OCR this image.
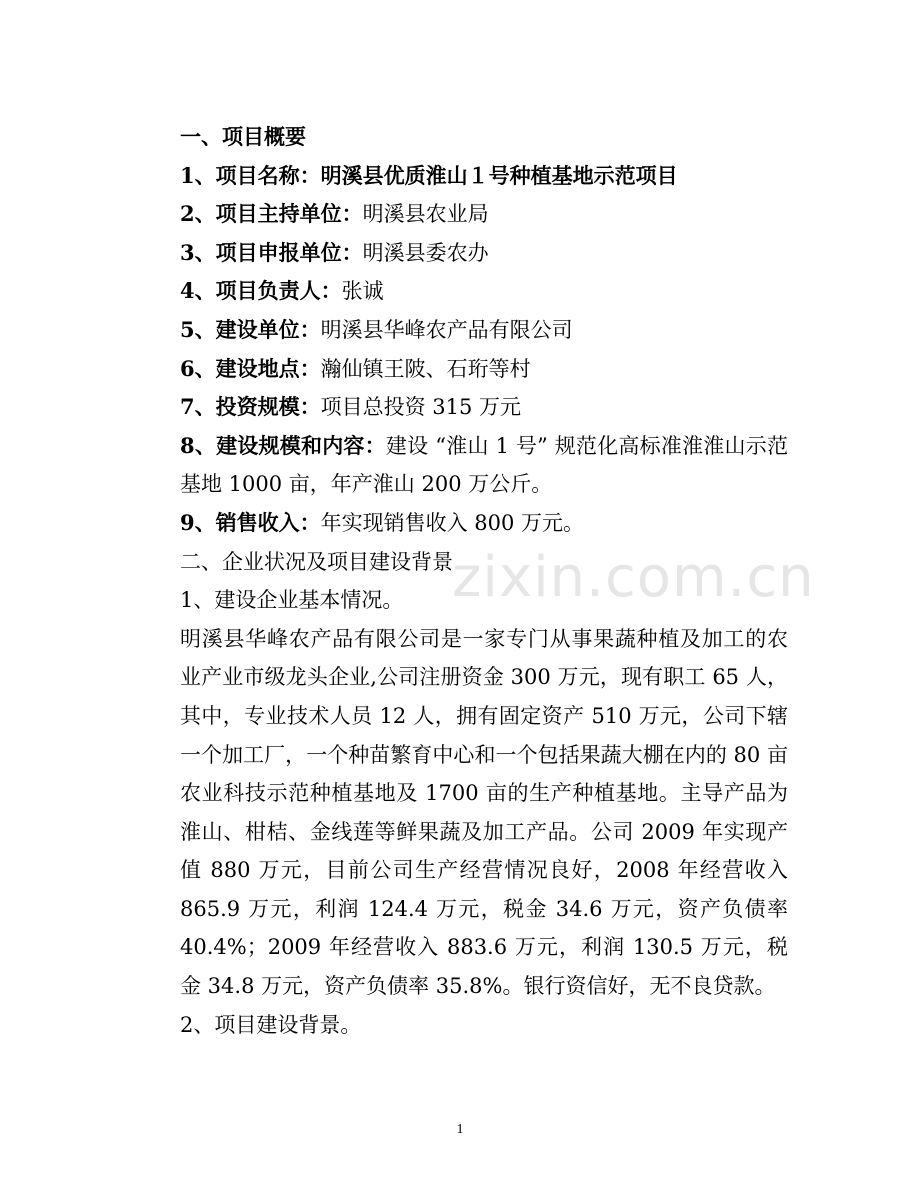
zixin.com.cn

一、项目概要

1、项目名称：明溪县优质淮山１号种植基地示范项目

2、项目主持单位：明溪县农业局

3、项目申报单位：明溪县委农办

4、项目负责人：张诚

5、建设单位：明溪县华峰农产品有限公司

6、建设地点：瀚仙镇王陂、石珩等村

7、投资规模：项目总投资 315 万元

8、建设规模和内容：建设 “淮山 1 号” 规范化高标准淮淮山示范基地 1000 亩，年产淮山 200 万公斤。

9、销售收入：年实现销售收入 800 万元。

二、企业状况及项目建设背景

1、建设企业基本情况。

明溪县华峰农产品有限公司是一家专门从事果蔬种植及加工的农业产业市级龙头企业,公司注册资金 300 万元，现有职工 65 人，其中，专业技术人员 12 人，拥有固定资产 510 万元，公司下辖一个加工厂，一个种苗繁育中心和一个包括果蔬大棚在内的 80 亩农业科技示范种植基地及 1700 亩的生产种植基地。主导产品为淮山、柑桔、金线莲等鲜果蔬及加工产品。公司 2009 年实现产值 880 万元，目前公司生产经营情况良好，2008 年经营收入 865.9 万元，利润 124.4 万元，税金 34.6 万元，资产负债率 40.4%；2009 年经营收入 883.6 万元，利润 130.5 万元，税金 34.8 万元，资产负债率 35.8%。银行资信好，无不良贷款。

2、项目建设背景。

1
